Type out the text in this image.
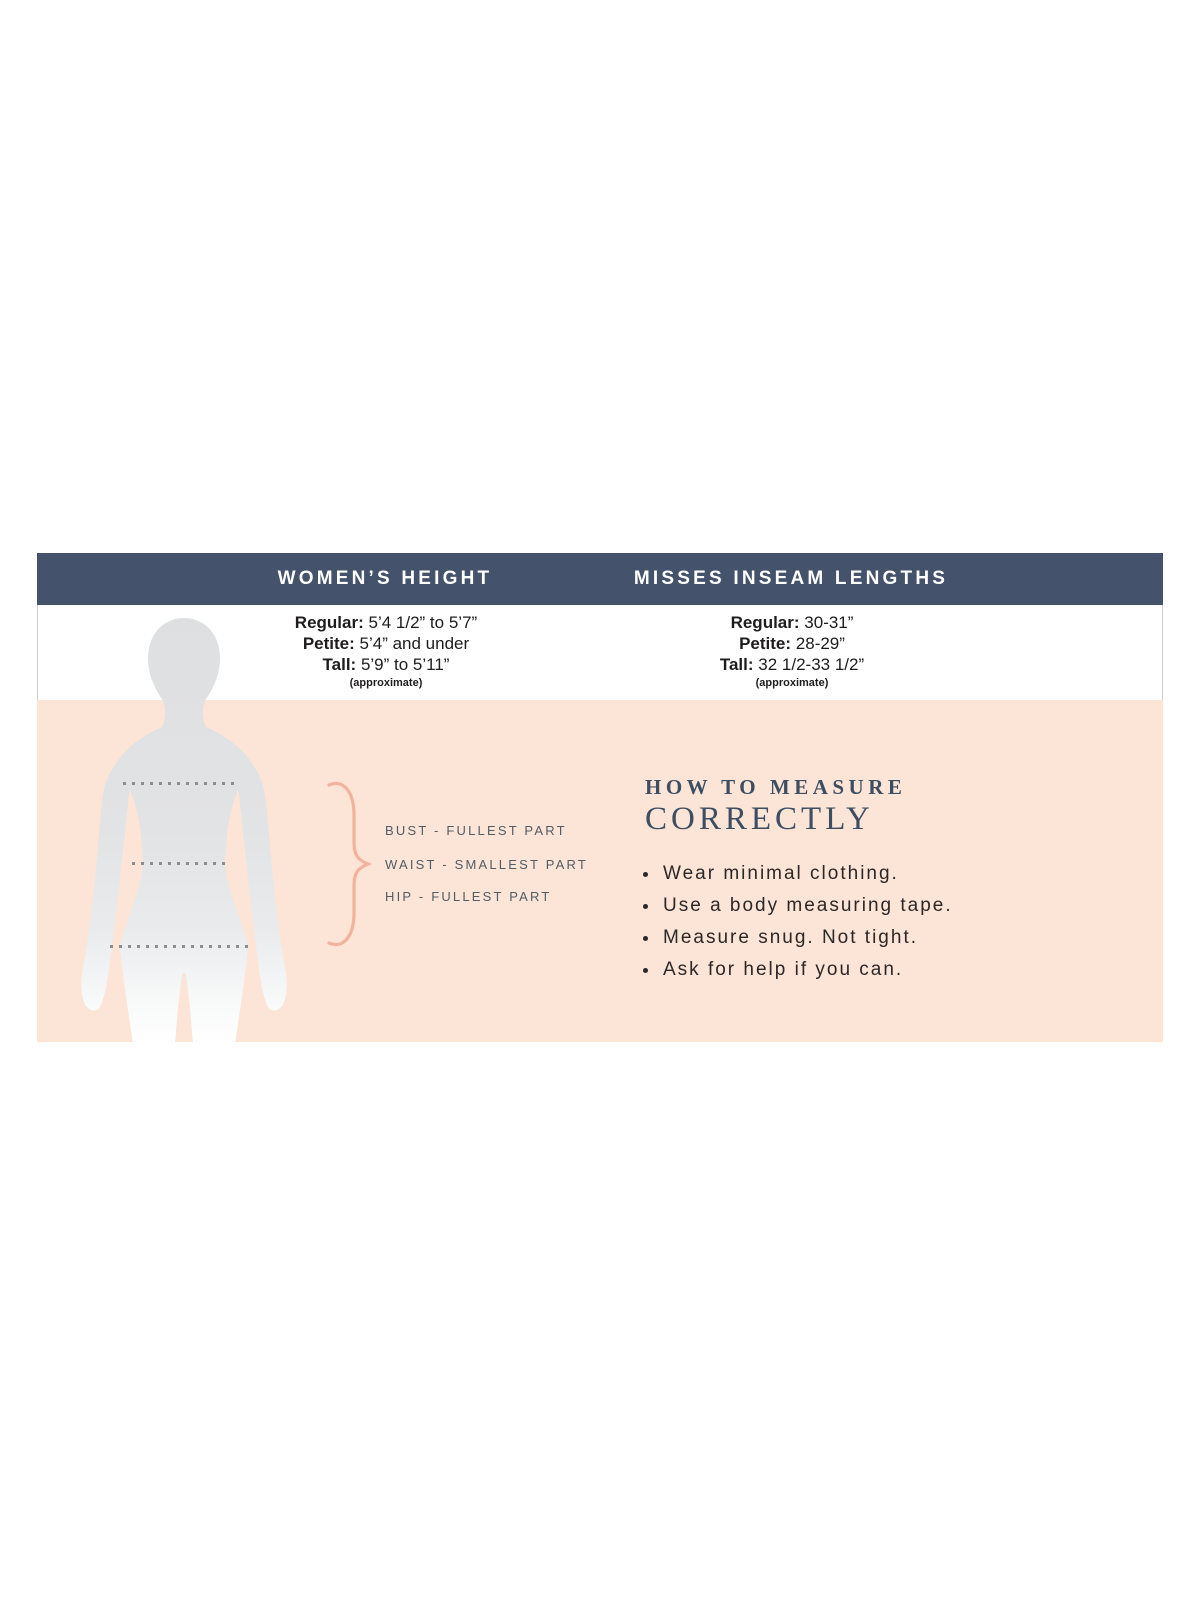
WOMEN’S HEIGHT	MISSES INSEAM LENGTHS
Regular: 5’4 1/2” to 5’7”
Petite: 5’4” and under
Tall: 5’9” to 5’11”
(approximate)
Regular: 30-31”
Petite: 28-29”
Tall: 32 1/2-33 1/2”
(approximate)
BUST - FULLEST PART
WAIST - SMALLEST PART
HIP - FULLEST PART
HOW TO MEASURE
CORRECTLY
Wear minimal clothing.
Use a body measuring tape.
Measure snug. Not tight.
Ask for help if you can.
